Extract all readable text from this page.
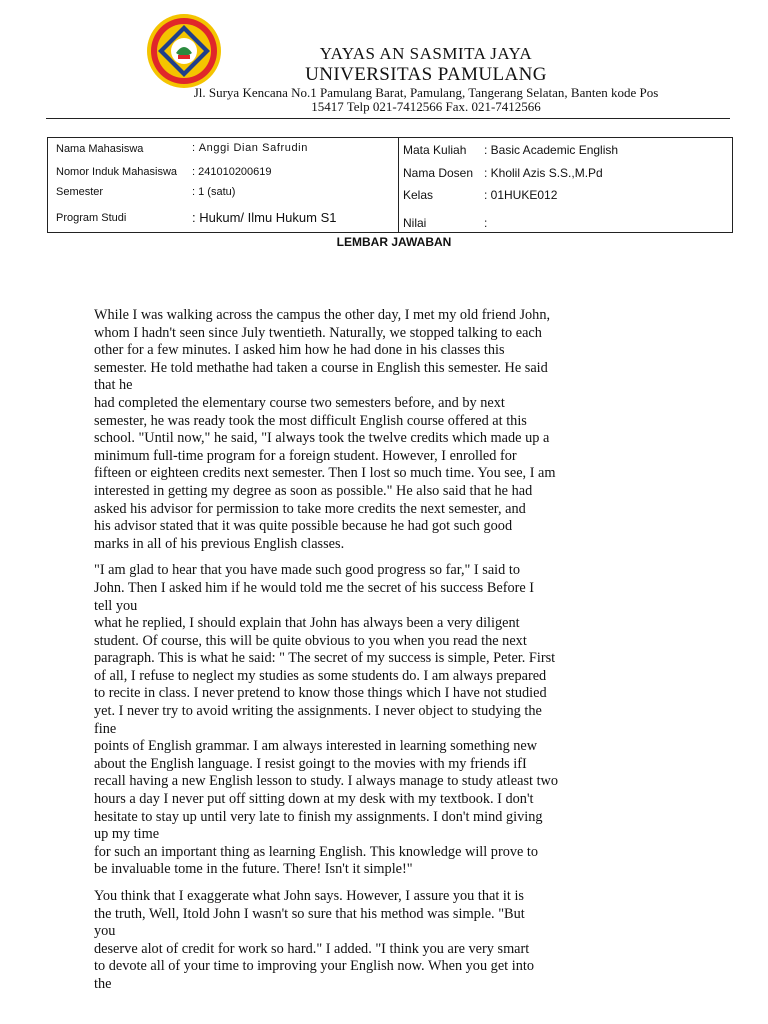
YAYAS AN SASMITA JAYA
UNIVERSITAS PAMULANG
Jl. Surya Kencana No.1 Pamulang Barat, Pamulang, Tangerang Selatan, Banten kode Pos
15417 Telp 021-7412566 Fax. 021-7412566
Nama Mahasiswa	: Anggi Dian Safrudin
Nomor Induk Mahasiswa : 241010200619
Semester	: 1 (satu)
Program Studi	: Hukum/ Ilmu Hukum S1
Mata Kuliah : Basic Academic English
Nama Dosen : Kholil Azis S.S.,M.Pd
Kelas	: 01HUKE012
Nilai	:
LEMBAR JAWABAN

While I was walking across the campus the other day, I met my old friend John,
whom I hadn't seen since July twentieth. Naturally, we stopped talking to each
other for a few minutes. I asked him how he had done in his classes this
semester. He told methathe had taken a course in English this semester. He said
that he
had completed the elementary course two semesters before, and by next
semester, he was ready took the most difficult English course offered at this
school. "Until now," he said, "I always took the twelve credits which made up a
minimum full-time program for a foreign student. However, I enrolled for
fifteen or eighteen credits next semester. Then I lost so much time. You see, I am
interested in getting my degree as soon as possible." He also said that he had
asked his advisor for permission to take more credits the next semester, and
his advisor stated that it was quite possible because he had got such good
marks in all of his previous English classes.

"I am glad to hear that you have made such good progress so far," I said to
John. Then I asked him if he would told me the secret of his success Before I
tell you
what he replied, I should explain that John has always been a very diligent
student. Of course, this will be quite obvious to you when you read the next
paragraph. This is what he said: " The secret of my success is simple, Peter. First
of all, I refuse to neglect my studies as some students do. I am always prepared
to recite in class. I never pretend to know those things which I have not studied
yet. I never try to avoid writing the assignments. I never object to studying the
fine
points of English grammar. I am always interested in learning something new
about the English language. I resist goingt to the movies with my friends ifI
recall having a new English lesson to study. I always manage to study atleast two
hours a day I never put off sitting down at my desk with my textbook. I don't
hesitate to stay up until very late to finish my assignments. I don't mind giving
up my time
for such an important thing as learning English. This knowledge will prove to
be invaluable tome in the future. There! Isn't it simple!"

You think that I exaggerate what John says. However, I assure you that it is
the truth, Well, Itold John I wasn't so sure that his method was simple. "But
you
deserve alot of credit for work so hard." I added. "I think you are very smart
to devote all of your time to improving your English now. When you get into
the
